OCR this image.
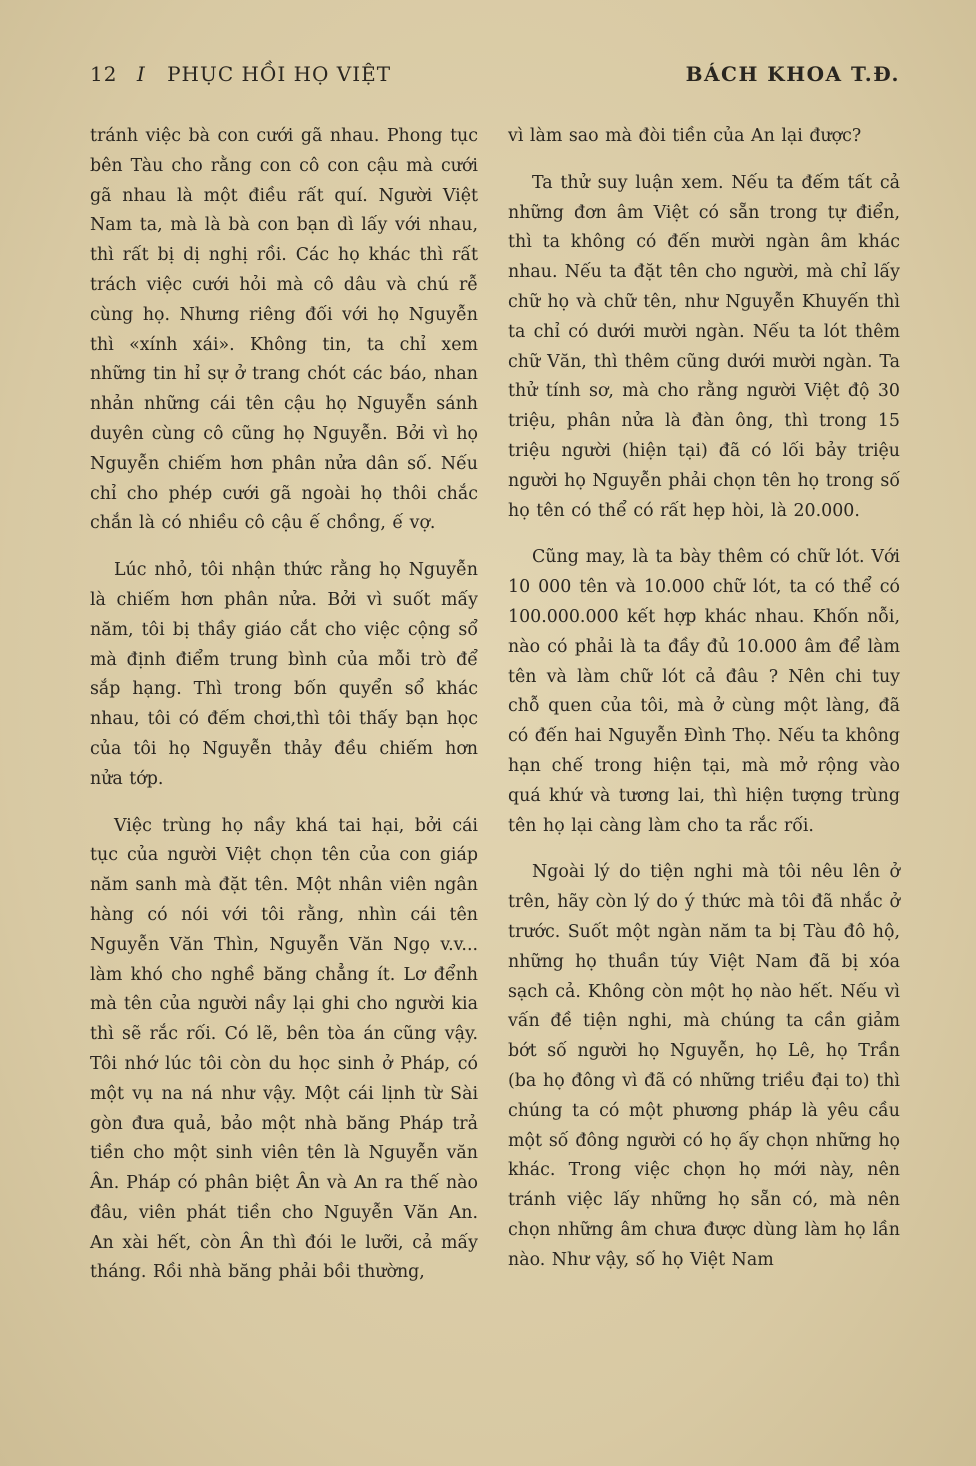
12 I PHỤC HỒI HỌ VIỆT	BÁCH KHOA T.Đ.

tránh việc bà con cưới gã nhau. Phong tục bên Tàu cho rằng con cô con cậu mà cưới gã nhau là một điều rất quí. Người Việt Nam ta, mà là bà con bạn dì lấy với nhau, thì rất bị dị nghị rồi. Các họ khác thì rất trách việc cưới hỏi mà cô dâu và chú rễ cùng họ. Nhưng riêng đối với họ Nguyễn thì «xính xái». Không tin, ta chỉ xem những tin hỉ sự ở trang chót các báo, nhan nhản những cái tên cậu họ Nguyễn sánh duyên cùng cô cũng họ Nguyễn. Bởi vì họ Nguyễn chiếm hơn phân nửa dân số. Nếu chỉ cho phép cưới gã ngoài họ thôi chắc chắn là có nhiều cô cậu ế chồng, ế vợ.

Lúc nhỏ, tôi nhận thức rằng họ Nguyễn là chiếm hơn phân nửa. Bởi vì suốt mấy năm, tôi bị thầy giáo cắt cho việc cộng sổ mà định điểm trung bình của mỗi trò để sắp hạng. Thì trong bốn quyển sổ khác nhau, tôi có đếm chơi,thì tôi thấy bạn học của tôi họ Nguyễn thảy đều chiếm hơn nửa tớp.

Việc trùng họ nầy khá tai hại, bởi cái tục của người Việt chọn tên của con giáp năm sanh mà đặt tên. Một nhân viên ngân hàng có nói với tôi rằng, nhìn cái tên Nguyễn Văn Thìn, Nguyễn Văn Ngọ v.v... làm khó cho nghề băng chẳng ít. Lơ đểnh mà tên của người nầy lại ghi cho người kia thì sẽ rắc rối. Có lẽ, bên tòa án cũng vậy. Tôi nhớ lúc tôi còn du học sinh ở Pháp, có một vụ na ná như vậy. Một cái lịnh từ Sài gòn đưa quả, bảo một nhà băng Pháp trả tiền cho một sinh viên tên là Nguyễn văn Ân. Pháp có phân biệt Ân và An ra thế nào đâu, viên phát tiền cho Nguyễn Văn An. An xài hết, còn Ân thì đói le lưỡi, cả mấy tháng. Rồi nhà băng phải bồi thường,

vì làm sao mà đòi tiền của An lại được?

Ta thử suy luận xem. Nếu ta đếm tất cả những đơn âm Việt có sẵn trong tự điển, thì ta không có đến mười ngàn âm khác nhau. Nếu ta đặt tên cho người, mà chỉ lấy chữ họ và chữ tên, như Nguyễn Khuyến thì ta chỉ có dưới mười ngàn. Nếu ta lót thêm chữ Văn, thì thêm cũng dưới mười ngàn. Ta thử tính sơ, mà cho rằng người Việt độ 30 triệu, phân nửa là đàn ông, thì trong 15 triệu người (hiện tại) đã có lối bảy triệu người họ Nguyễn phải chọn tên họ trong số họ tên có thể có rất hẹp hòi, là 20.000.

Cũng may, là ta bày thêm có chữ lót. Với 10 000 tên và 10.000 chữ lót, ta có thể có 100.000.000 kết hợp khác nhau. Khốn nỗi, nào có phải là ta đầy đủ 10.000 âm để làm tên và làm chữ lót cả đâu ? Nên chi tuy chỗ quen của tôi, mà ở cùng một làng, đã có đến hai Nguyễn Đình Thọ. Nếu ta không hạn chế trong hiện tại, mà mở rộng vào quá khứ và tương lai, thì hiện tượng trùng tên họ lại càng làm cho ta rắc rối.

Ngoài lý do tiện nghi mà tôi nêu lên ở trên, hãy còn lý do ý thức mà tôi đã nhắc ở trước. Suốt một ngàn năm ta bị Tàu đô hộ, những họ thuần túy Việt Nam đã bị xóa sạch cả. Không còn một họ nào hết. Nếu vì vấn đề tiện nghi, mà chúng ta cần giảm bớt số người họ Nguyễn, họ Lê, họ Trần (ba họ đông vì đã có những triều đại to) thì chúng ta có một phương pháp là yêu cầu một số đông người có họ ấy chọn những họ khác. Trong việc chọn họ mới này, nên tránh việc lấy những họ sẵn có, mà nên chọn những âm chưa được dùng làm họ lần nào. Như vậy, số họ Việt Nam
